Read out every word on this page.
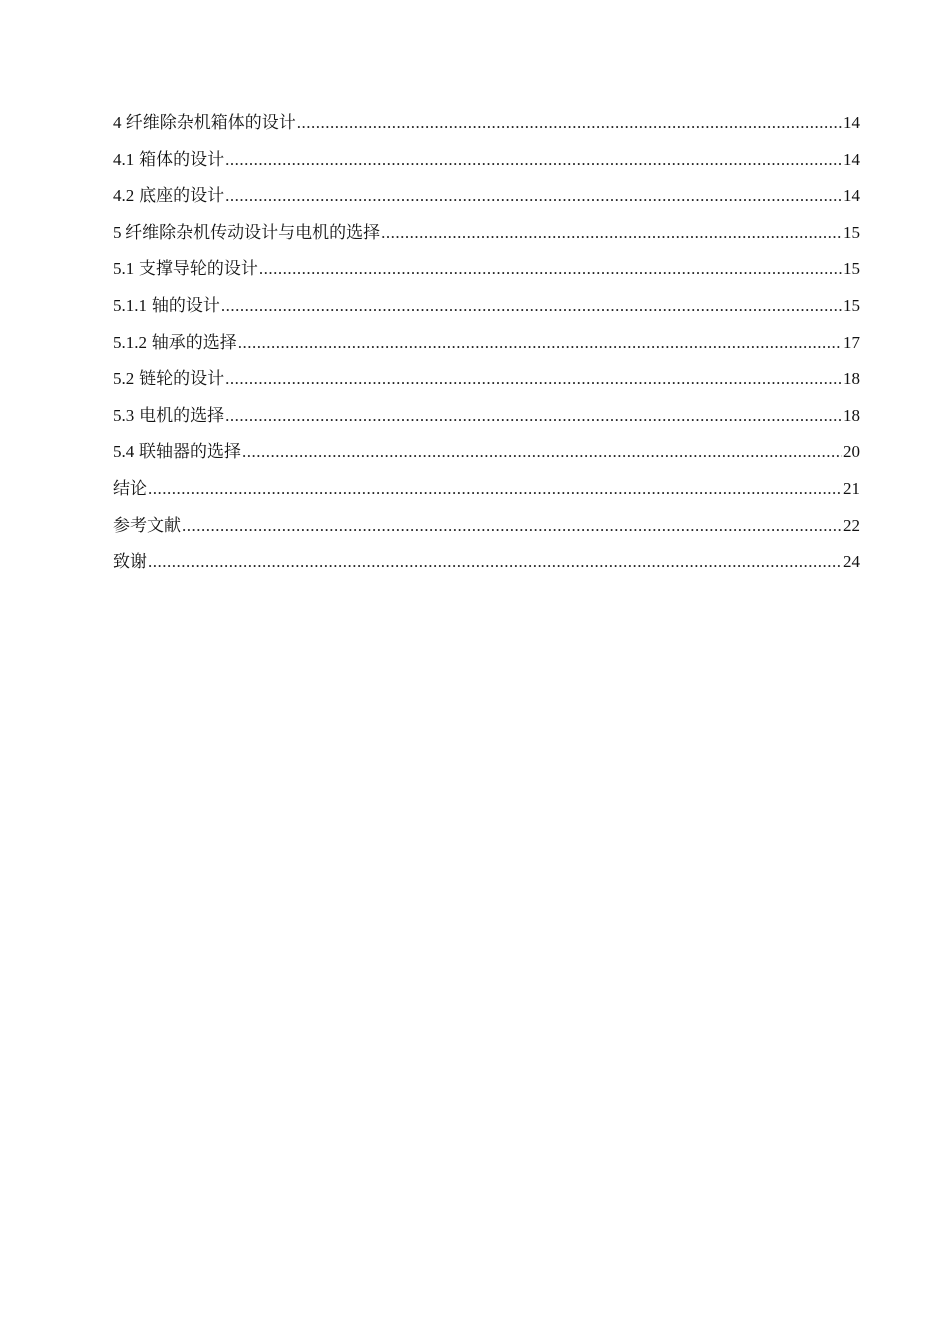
4 纤维除杂机箱体的设计 .....	14
4.1 箱体的设计 .....	14
4.2 底座的设计 .....	14
5 纤维除杂机传动设计与电机的选择 .....	15
5.1 支撑导轮的设计 .....	15
5.1.1 轴的设计 .....	15
5.1.2 轴承的选择 .....	17
5.2 链轮的设计 .....	18
5.3 电机的选择 .....	18
5.4 联轴器的选择 .....	20
结论 .....	21
参考文献 .....	22
致谢 .....	24
